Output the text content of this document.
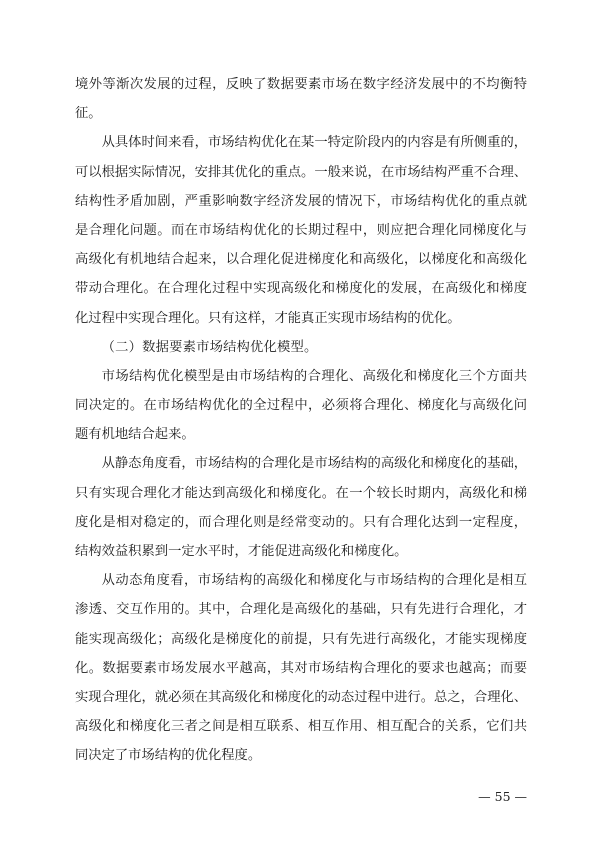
境外等渐次发展的过程，反映了数据要素市场在数字经济发展中的不均衡特
征。
从具体时间来看，市场结构优化在某一特定阶段内的内容是有所侧重的，
可以根据实际情况，安排其优化的重点。一般来说，在市场结构严重不合理、
结构性矛盾加剧，严重影响数字经济发展的情况下，市场结构优化的重点就
是合理化问题。而在市场结构优化的长期过程中，则应把合理化同梯度化与
高级化有机地结合起来，以合理化促进梯度化和高级化，以梯度化和高级化
带动合理化。在合理化过程中实现高级化和梯度化的发展，在高级化和梯度
化过程中实现合理化。只有这样，才能真正实现市场结构的优化。
（二）数据要素市场结构优化模型。
市场结构优化模型是由市场结构的合理化、高级化和梯度化三个方面共
同决定的。在市场结构优化的全过程中，必须将合理化、梯度化与高级化问
题有机地结合起来。
从静态角度看，市场结构的合理化是市场结构的高级化和梯度化的基础，
只有实现合理化才能达到高级化和梯度化。在一个较长时期内，高级化和梯
度化是相对稳定的，而合理化则是经常变动的。只有合理化达到一定程度，
结构效益积累到一定水平时，才能促进高级化和梯度化。
从动态角度看，市场结构的高级化和梯度化与市场结构的合理化是相互
渗透、交互作用的。其中，合理化是高级化的基础，只有先进行合理化，才
能实现高级化；高级化是梯度化的前提，只有先进行高级化，才能实现梯度
化。数据要素市场发展水平越高，其对市场结构合理化的要求也越高；而要
实现合理化，就必须在其高级化和梯度化的动态过程中进行。总之，合理化、
高级化和梯度化三者之间是相互联系、相互作用、相互配合的关系，它们共
同决定了市场结构的优化程度。
— 55 —
